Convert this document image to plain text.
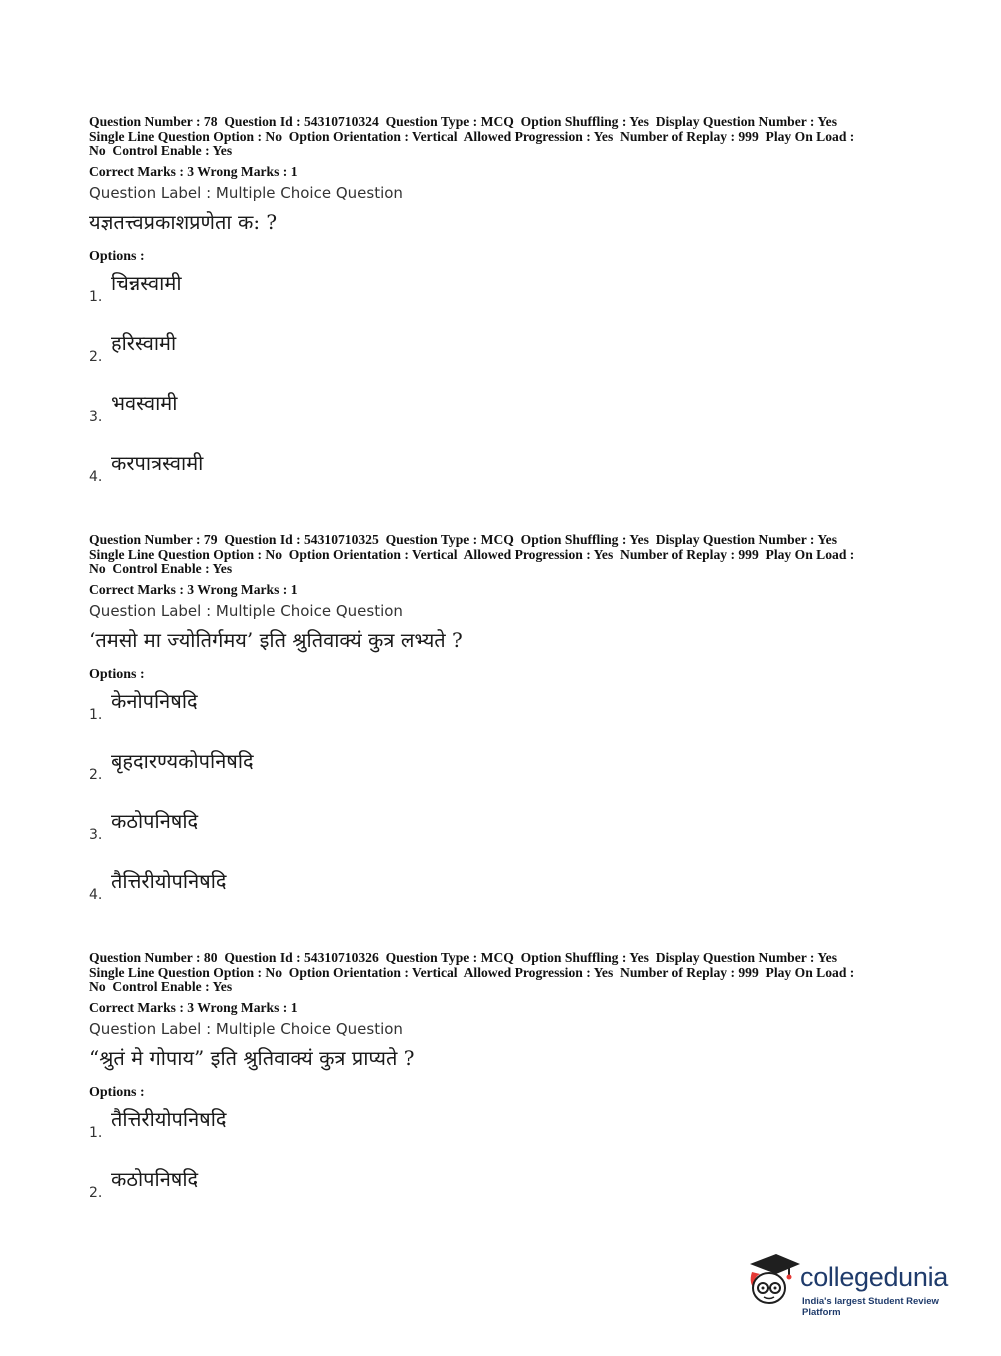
Question Number : 78  Question Id : 54310710324  Question Type : MCQ  Option Shuffling : Yes  Display Question Number : Yes
Single Line Question Option : No  Option Orientation : Vertical  Allowed Progression : Yes  Number of Replay : 999  Play On Load :
No  Control Enable : Yes

Correct Marks : 3 Wrong Marks : 1
Question Label : Multiple Choice Question
यज्ञतत्त्वप्रकाशप्रणेता क: ?
Options :
1.
चिन्नस्वामी
2.
हरिस्वामी
3.
भवस्वामी
4.
करपात्रस्वामी

Question Number : 79  Question Id : 54310710325  Question Type : MCQ  Option Shuffling : Yes  Display Question Number : Yes
Single Line Question Option : No  Option Orientation : Vertical  Allowed Progression : Yes  Number of Replay : 999  Play On Load :
No  Control Enable : Yes

Correct Marks : 3 Wrong Marks : 1
Question Label : Multiple Choice Question
‘तमसो मा ज्योतिर्गमय’ इति श्रुतिवाक्यं कुत्र लभ्यते ?
Options :
1.
केनोपनिषदि
2.
बृहदारण्यकोपनिषदि
3.
कठोपनिषदि
4.
तैत्तिरीयोपनिषदि

Question Number : 80  Question Id : 54310710326  Question Type : MCQ  Option Shuffling : Yes  Display Question Number : Yes
Single Line Question Option : No  Option Orientation : Vertical  Allowed Progression : Yes  Number of Replay : 999  Play On Load :
No  Control Enable : Yes

Correct Marks : 3 Wrong Marks : 1
Question Label : Multiple Choice Question
“श्रुतं मे गोपाय” इति श्रुतिवाक्यं कुत्र प्राप्यते ?
Options :
1.
तैत्तिरीयोपनिषदि
2.
कठोपनिषदि
collegedunia
India's largest Student Review Platform
